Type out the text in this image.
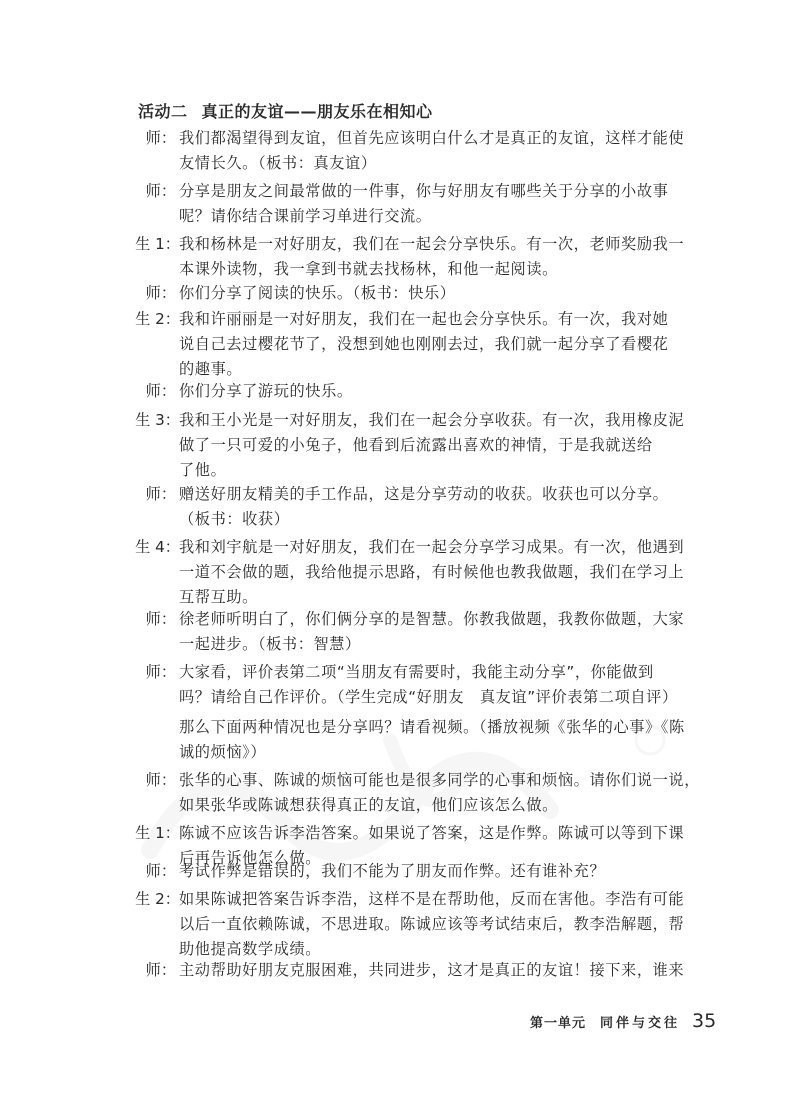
活动二 真正的友谊——朋友乐在相知心
师： 我们都渴望得到友谊，但首先应该明白什么才是真正的友谊，这样才能使
友情长久。（板书：真友谊）
师： 分享是朋友之间最常做的一件事，你与好朋友有哪些关于分享的小故事
呢？请你结合课前学习单进行交流。
生 1： 我和杨林是一对好朋友，我们在一起会分享快乐。有一次，老师奖励我一
本课外读物，我一拿到书就去找杨林，和他一起阅读。
师： 你们分享了阅读的快乐。（板书：快乐）
生 2： 我和许丽丽是一对好朋友，我们在一起也会分享快乐。有一次，我对她
说自己去过樱花节了，没想到她也刚刚去过，我们就一起分享了看樱花
的趣事。
师： 你们分享了游玩的快乐。
生 3： 我和王小光是一对好朋友，我们在一起会分享收获。有一次，我用橡皮泥
做了一只可爱的小兔子，他看到后流露出喜欢的神情，于是我就送给
了他。
师： 赠送好朋友精美的手工作品，这是分享劳动的收获。收获也可以分享。
（板书：收获）
生 4： 我和刘宇航是一对好朋友，我们在一起会分享学习成果。有一次，他遇到
一道不会做的题，我给他提示思路，有时候他也教我做题，我们在学习上
互帮互助。
师： 徐老师听明白了，你们俩分享的是智慧。你教我做题，我教你做题，大家
一起进步。（板书：智慧）
师： 大家看，评价表第二项“当朋友有需要时，我能主动分享”，你能做到
吗？请给自己作评价。（学生完成“好朋友　真友谊”评价表第二项自评）
那么下面两种情况也是分享吗？请看视频。（播放视频《张华的心事》《陈
诚的烦恼》）
师： 张华的心事、陈诚的烦恼可能也是很多同学的心事和烦恼。请你们说一说，
如果张华或陈诚想获得真正的友谊，他们应该怎么做。
生 1： 陈诚不应该告诉李浩答案。如果说了答案，这是作弊。陈诚可以等到下课
后再告诉他怎么做。
师： 考试作弊是错误的，我们不能为了朋友而作弊。还有谁补充？
生 2： 如果陈诚把答案告诉李浩，这样不是在帮助他，反而在害他。李浩有可能
以后一直依赖陈诚，不思进取。陈诚应该等考试结束后，教李浩解题，帮
助他提高数学成绩。
师： 主动帮助好朋友克服困难，共同进步，这才是真正的友谊！接下来，谁来
第一单元 同伴与交往 35
